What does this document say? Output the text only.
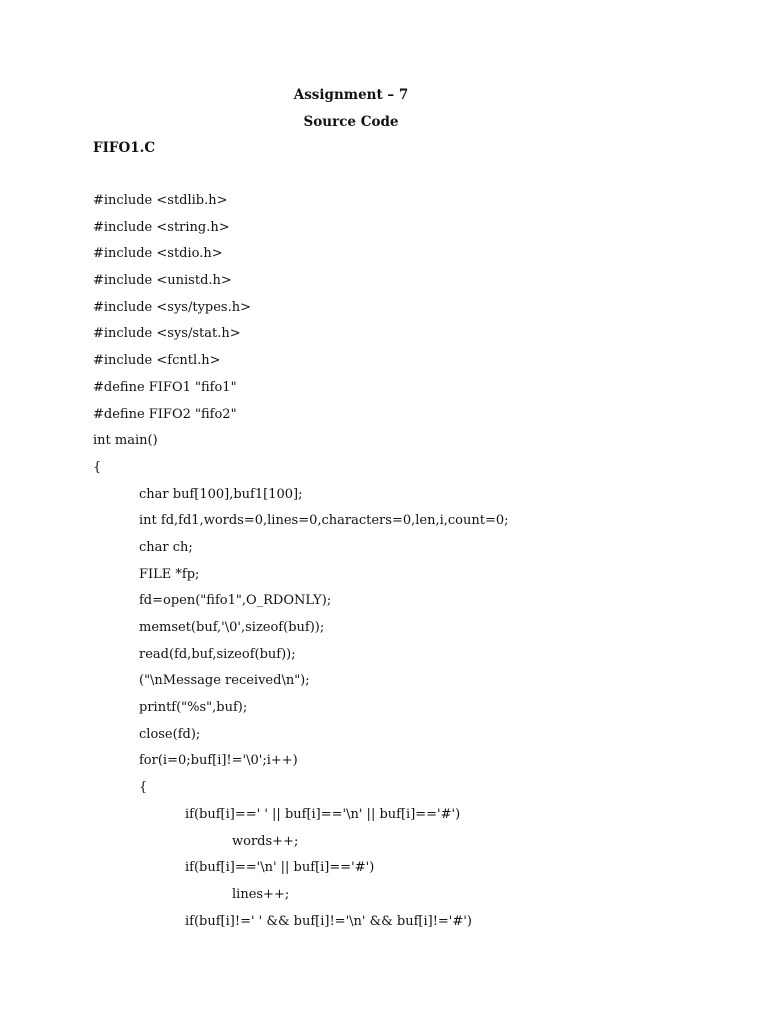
Assignment – 7
Source Code
FIFO1.C
#include <stdlib.h>
#include <string.h>
#include <stdio.h>
#include <unistd.h>
#include <sys/types.h>
#include <sys/stat.h>
#include <fcntl.h>
#define FIFO1 "fifo1"
#define FIFO2 "fifo2"
int main()
{
char buf[100],buf1[100];
int fd,fd1,words=0,lines=0,characters=0,len,i,count=0;
char ch;
FILE *fp;
fd=open("fifo1",O_RDONLY);
memset(buf,'\0',sizeof(buf));
read(fd,buf,sizeof(buf));
("\nMessage received\n");
printf("%s",buf);
close(fd);
for(i=0;buf[i]!='\0';i++)
{
if(buf[i]==' ' || buf[i]=='\n' || buf[i]=='#')
words++;
if(buf[i]=='\n' || buf[i]=='#')
lines++;
if(buf[i]!=' ' && buf[i]!='\n' && buf[i]!='#')
